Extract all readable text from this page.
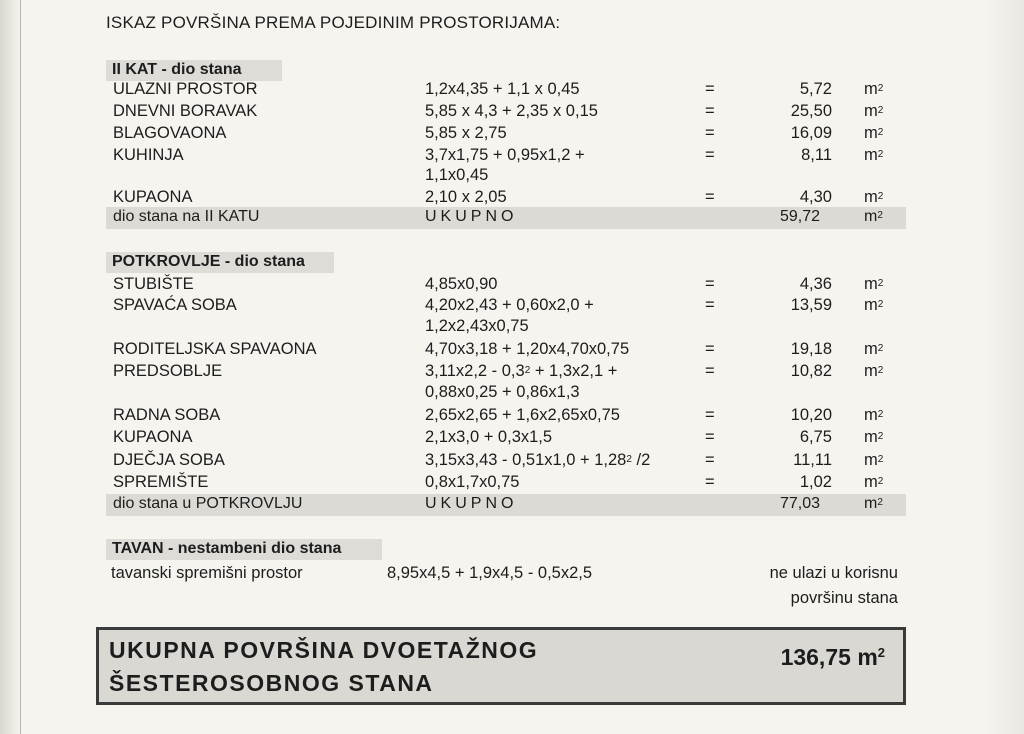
ISKAZ POVRŠINA PREMA POJEDINIM PROSTORIJAMA:
II KAT - dio stana
ULAZNI PROSTOR	1,2x4,35 + 1,1 x 0,45	=	5,72 $m^2$
DNEVNI BORAVAK	5,85 x 4,3 + 2,35 x 0,15	=	25,50 $m^2$
BLAGOVAONA	5,85 x 2,75	=	16,09 $m^2$
KUHINJA	3,7x1,75 + 0,95x1,2 +	=	8,11 $m^2$
1,1x0,45
KUPAONA	2,10 x 2,05	=	4,30 $m^2$
dio stana na II KATU	UKUPNO	59,72	$m^2$
POTKROVLJE - dio stana
STUBIŠTE	4,85x0,90	=	4,36 $m^2$
SPAVAĆA SOBA	4,20x2,43 + 0,60x2,0 +	=	13,59 $m^2$
1,2x2,43x0,75
RODITELJSKA SPAVAONA	4,70x3,18 + 1,20x4,70x0,75	=	19,18 $m^2$
PREDSOBLJE	$3,11x2,2 - 0,3^2 + 1,3x2,1$ +	=	10,82 $m^2$
0,88x0,25 + 0,86x1,3
RADNA SOBA	2,65x2,65 + 1,6x2,65x0,75	=	10,20 $m^2$
KUPAONA	2,1x3,0 + 0,3x1,5	=	6,75 $m^2$
DJEČJA SOBA	$3,15x3,43 - 0,51x1,0 + 1,28^2$ /2	=	11,11 $m^2$
SPREMIŠTE	0,8x1,7x0,75	=	1,02 $m^2$
dio stana u POTKROVLJU	UKUPNO	77,03	$m^2$
TAVAN - nestambeni dio stana
tavanski spremišni prostor	8,95x4,5 + 1,9x4,5 - 0,5x2,5	ne ulazi u korisnu
površinu stana
UKUPNA POVRŠINA DVOETAŽNOG
ŠESTEROSOBNOG STANA
136,75 $m^2$
